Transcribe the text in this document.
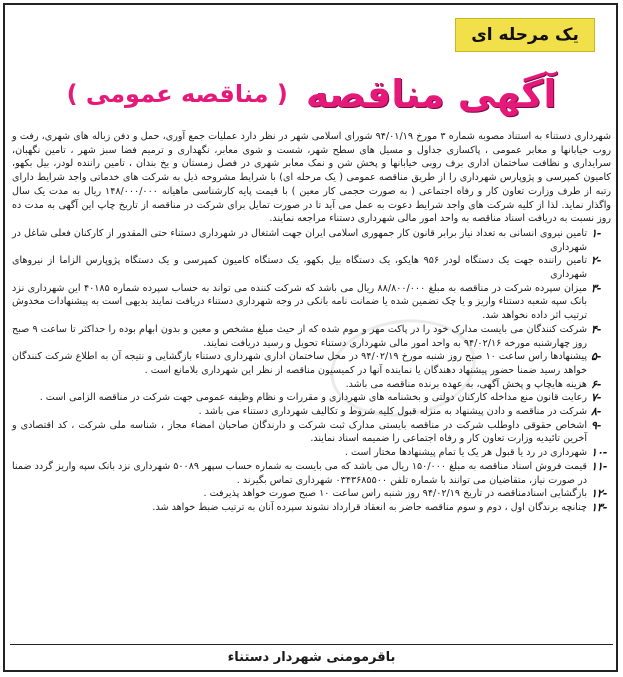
یک مرحله ای
آگهی مناقصه
( مناقصه عمومی )

شهرداری دستناء به استناد مصوبه شماره ۳ مورخ ۹۴/۰۱/۱۹ شورای اسلامی شهر در نظر دارد عملیات جمع آوری، حمل و دفن زباله های شهری، رفت و روب خیابانها و معابر عمومی ، پاکسازی جداول و مسیل های سطح شهر، شست و شوی معابر، نگهداری و ترمیم فضا سبز شهر ، تامین نگهبان، سرایداری و نظافت ساختمان اداری برف روبی خیابانها و پخش شن و نمک معابر شهری در فصل زمستان و یخ بندان ، تامین راننده لودر، بیل بکهو، کامیون کمپرسی و پژوپارس شهرداری را از طریق مناقصه عمومی ( یک مرحله ای) با شرایط مشروحه ذیل به شرکت های خدماتی واجد شرایط دارای رتبه از طرف وزارت تعاون کار و رفاه اجتماعی ( به صورت حجمی کار معین ) با قیمت پایه کارشناسی ماهیانه ۱۴۸/۰۰۰/۰۰۰ ریال به مدت یک سال واگذار نماید. لذا از کلیه شرکت های واجد شرایط دعوت به عمل می آید تا در صورت تمایل برای شرکت در مناقصه از تاریخ چاپ این آگهی به مدت ده روز نسبت به دریافت اسناد مناقصه به واحد امور مالی شهرداری دستناء مراجعه نمایند.

-۱
تامین نیروی انسانی به تعداد نیاز برابر قانون کار جمهوری اسلامی ایران جهت اشتغال در شهرداری دستناء حتی المقدور از کارکنان فعلی شاغل در شهرداری
-۲
تامین راننده جهت یک دستگاه لودر ۹۵۶ هایکو، یک دستگاه بیل بکهو، یک دستگاه کامیون کمپرسی و یک دستگاه پژوپارس الزاما از نیروهای شهرداری
-۳
میزان سپرده شرکت در مناقصه به مبلغ ۸۸/۸۰۰/۰۰۰ ریال می باشد که شرکت کننده می تواند به حساب سپرده شماره ۴۰۱۸۵ این شهرداری نزد بانک سپه شعبه دستناء واریز و یا چک تضمین شده یا ضمانت نامه بانکی در وجه شهرداری دستناء دریافت نمایند بدیهی است به پیشنهادات مخدوش ترتیب اثر داده نخواهد شد.
-۴
شرکت کنندگان می بایست مدارک خود را در پاکت مهر و موم شده که از حیث مبلغ مشخص و معین و بدون ابهام بوده را حداکثر تا ساعت ۹ صبح روز چهارشنبه مورخه ۹۴/۰۲/۱۶ به واحد امور مالی شهرداری دستناء تحویل و رسید دریافت نمایند.
-۵
پیشنهادها راس ساعت ۱۰ صبح روز شنبه مورخ ۹۴/۰۲/۱۹ در محل ساختمان اداری شهرداری دستناء بازگشایی و نتیجه آن به اطلاع شرکت کنندگان خواهد رسید ضمنا حضور پیشنهاد دهندگان یا نماینده آنها در کمیسیون مناقصه از نظر این شهرداری بلامانع است .
-۶
هزینه هایچاپ و پخش آگهی، به عهده برنده مناقصه می باشد.
-۷
رعایت قانون منع مداخله کارکنان دولتی و بخشنامه های شهرداری و مقررات و نظام وظیفه عمومی جهت شرکت در مناقصه الزامی است .
-۸
شرکت در مناقصه و دادن پیشنهاد به منزله قبول کلیه شروط و تکالیف شهرداری دستناء می باشد .
-۹
اشخاص حقوقی داوطلب شرکت در مناقصه بایستی مدارک ثبت شرکت و دارندگان صاحبان امضاء مجاز ، شناسه ملی شرکت ، کد اقتصادی و آخرین تائیدیه وزارت تعاون کار و رفاه اجتماعی را ضمیمه اسناد نمایند.
-۱۰
شهرداری در رد یا قبول هر یک یا تمام پیشنهادها مختار است .
-۱۱
قیمت فروش اسناد مناقصه به مبلغ ۱۵۰/۰۰۰ ریال می باشد که می بایست به شماره حساب سپهر ۵۰۰۸۹ شهرداری نزد بانک سپه واریز گردد ضمنا در صورت نیاز، متقاضیان می توانند با شماره تلفن ۰۳۴۳۶۸۵۵۰۰ شهرداری تماس بگیرند .
-۱۲
بازگشایی اسنادمناقصه در تاریخ ۹۴/۰۲/۱۹ روز شنبه راس ساعت ۱۰ صبح صورت خواهد پذیرفت .
-۱۳
چنانچه برندگان اول ، دوم و سوم مناقصه حاضر به انعقاد قرارداد نشوند سپرده آنان به ترتیب ضبط خواهد شد.
باقرمومنی شهردار دستناء
